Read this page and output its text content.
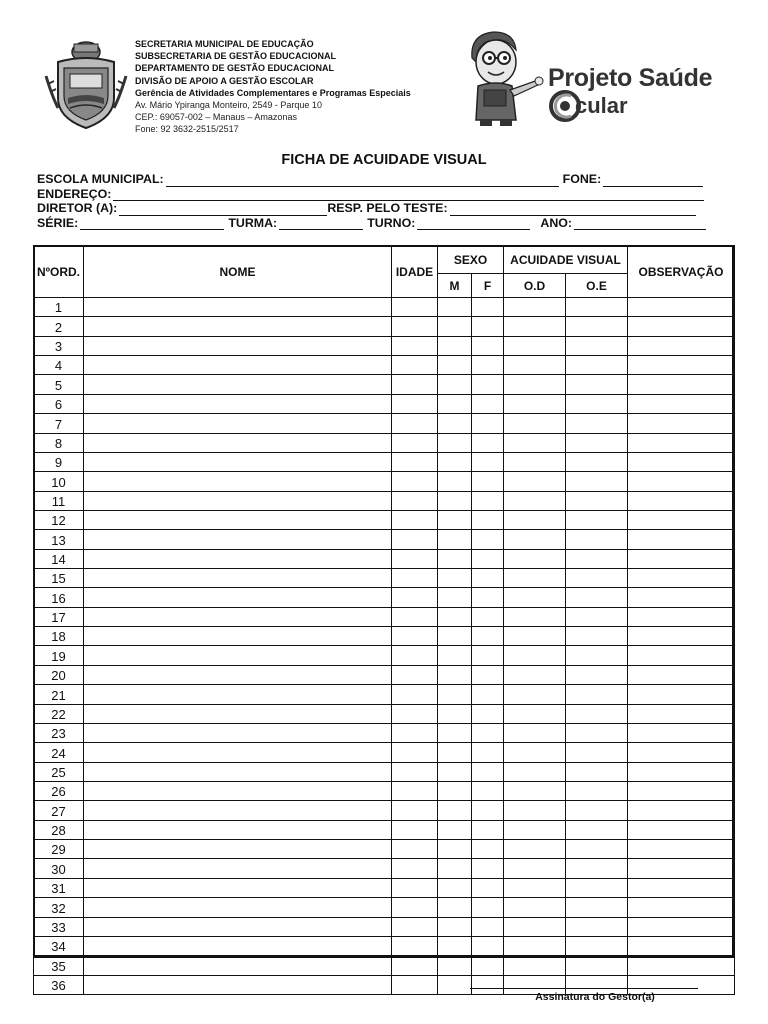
SECRETARIA MUNICIPAL DE EDUCAÇÃO
SUBSECRETARIA DE GESTÃO EDUCACIONAL
DEPARTAMENTO DE GESTÃO EDUCACIONAL
DIVISÃO DE APOIO A GESTÃO ESCOLAR
Gerência de Atividades Complementares e Programas Especiais
Av. Mário Ypiranga Monteiro, 2549 - Parque 10
CEP.: 69057-002 – Manaus – Amazonas
Fone: 92 3632-2515/2517
Projeto Saúde
cular
FICHA DE ACUIDADE VISUAL
ESCOLA MUNICIPAL:	FONE:
ENDEREÇO:
DIRETOR (A):	RESP. PELO TESTE:
SÉRIE:	TURMA:	TURNO:	ANO:
NºORD.	NOME	IDADE	SEXO		ACUIDADE VISUAL		OBSERVAÇÃO
			M	F	O.D	O.E	
1							
2							
3							
4							
5							
6							
7							
8							
9							
10							
11							
12							
13							
14							
15							
16							
17							
18							
19							
20							
21							
22							
23							
24							
25							
26							
27							
28							
29							
30							
31							
32							
33							
34							
35							
36							
Assinatura do Gestor(a)
